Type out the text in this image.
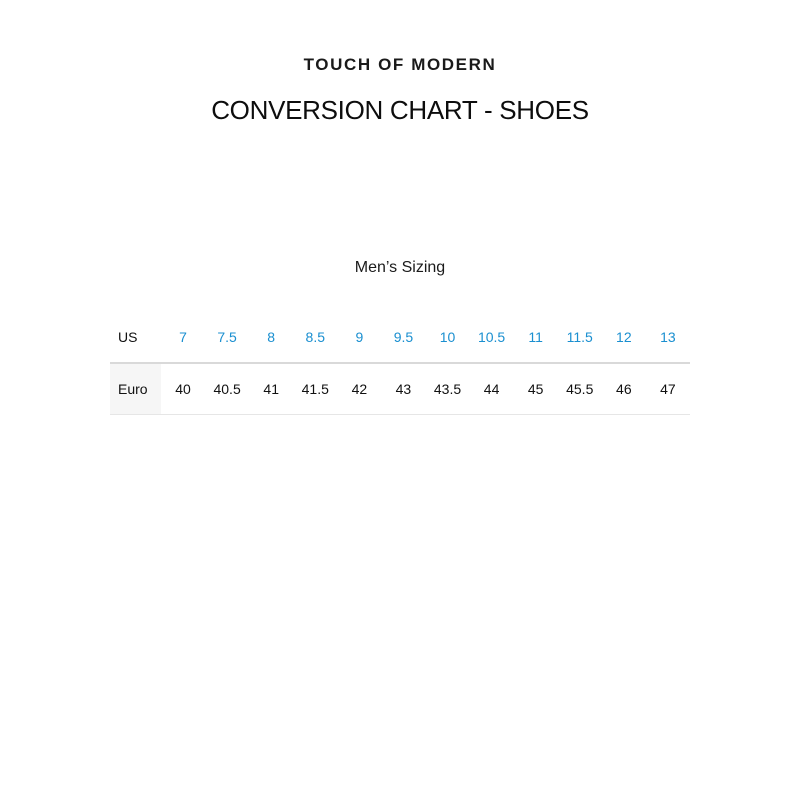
TOUCH OF MODERN
CONVERSION CHART - SHOES
Men’s Sizing
US	7	7.5	8	8.5	9	9.5	10	10.5	11	11.5	12	13
Euro	40	40.5	41	41.5	42	43	43.5	44	45	45.5	46	47
